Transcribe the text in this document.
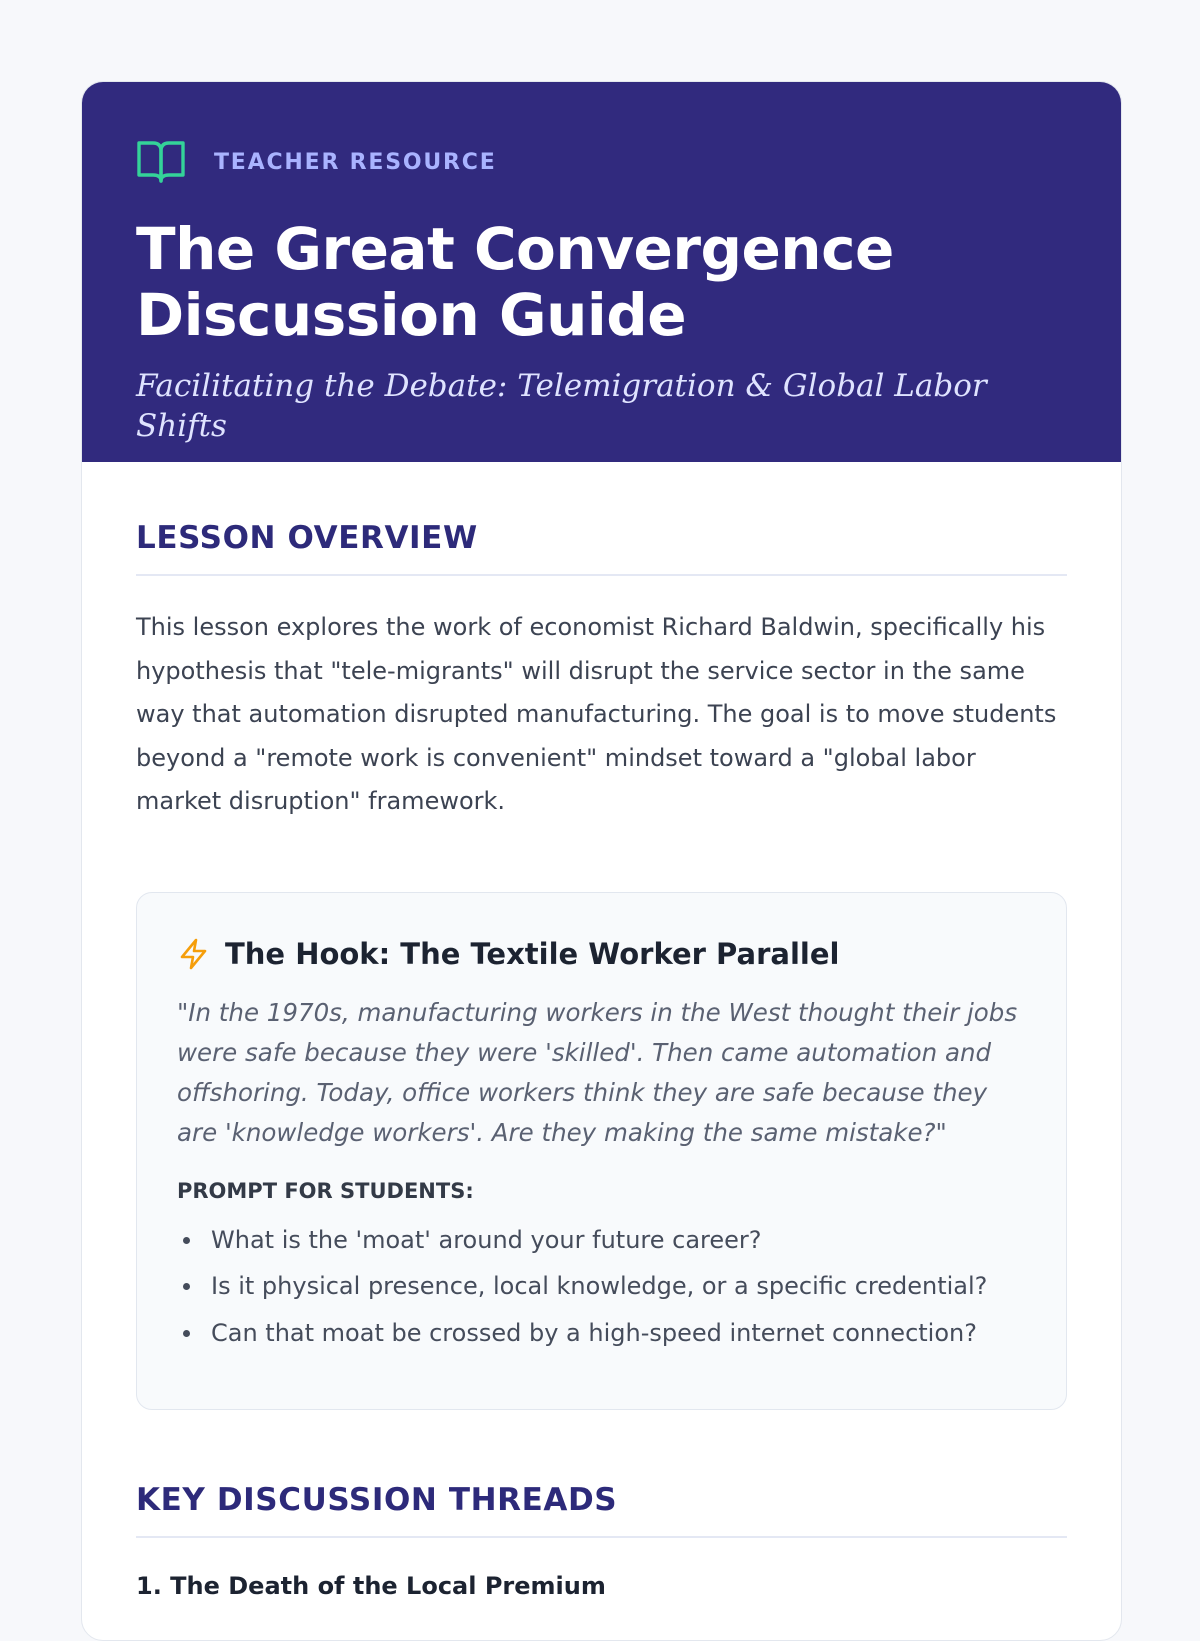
TEACHER RESOURCE
The Great Convergence Discussion Guide
Facilitating the Debate: Telemigration & Global Labor Shifts
LESSON OVERVIEW

This lesson explores the work of economist Richard Baldwin, specifically his hypothesis that "tele-migrants" will disrupt the service sector in the same way that automation disrupted manufacturing. The goal is to move students beyond a "remote work is convenient" mindset toward a "global labor market disruption" framework.

The Hook: The Textile Worker Parallel

"In the 1970s, manufacturing workers in the West thought their jobs were safe because they were 'skilled'. Then came automation and offshoring. Today, office workers think they are safe because they are 'knowledge workers'. Are they making the same mistake?"

PROMPT FOR STUDENTS:
What is the 'moat' around your future career?
Is it physical presence, local knowledge, or a specific credential?
Can that moat be crossed by a high-speed internet connection?
KEY DISCUSSION THREADS
1. The Death of the Local Premium
